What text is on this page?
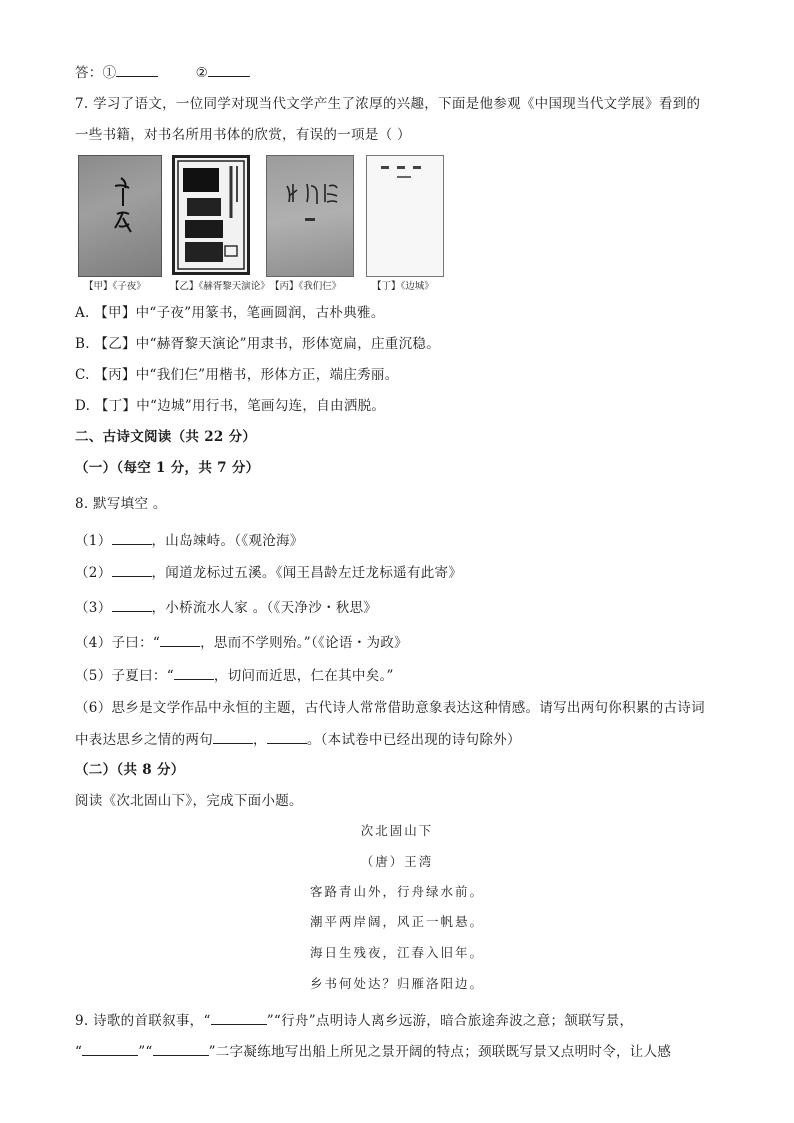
答：①	②
7. 学习了语文，一位同学对现当代文学产生了浓厚的兴趣，下面是他参观《中国现当代文学展》看到的
一些书籍，对书名所用书体的欣赏，有误的一项是（ ）
【甲】《子夜》	【乙】《赫胥黎天演论》 【丙】《我们仨》	【丁】《边城》
A. 【甲】中“子夜”用篆书，笔画圆润，古朴典雅。
B. 【乙】中“赫胥黎天演论”用隶书，形体宽扁，庄重沉稳。
C. 【丙】中“我们仨”用楷书，形体方正，端庄秀丽。
D. 【丁】中“边城”用行书，笔画勾连，自由洒脱。
二、古诗文阅读（共 22 分）
（一）（每空 1 分，共 7 分）
8. 默写填空 。
（1）	，山岛竦峙。（《观沧海》
（2）	，闻道龙标过五溪。《闻王昌龄左迁龙标遥有此寄》
（3）	，小桥流水人家 。（《天净沙・秋思》
（4）子曰：“	，思而不学则殆。”（《论语・为政》
（5）子夏曰：“	，切问而近思，仁在其中矣。”
（6）思乡是文学作品中永恒的主题，古代诗人常常借助意象表达这种情感。请写出两句你积累的古诗词
中表达思乡之情的两句	，	。（本试卷中已经出现的诗句除外）
（二）（共 8 分）
阅读《次北固山下》，完成下面小题。
次北固山下
（唐）王湾
客路青山外，行舟绿水前。
潮平两岸阔，风正一帆悬。
海日生残夜，江春入旧年。
乡书何处达？归雁洛阳边。
9. 诗歌的首联叙事，“	”“行舟”点明诗人离乡远游，暗合旅途奔波之意；颔联写景，
“	”“	”二字凝练地写出船上所见之景开阔的特点；颈联既写景又点明时令，让人感
